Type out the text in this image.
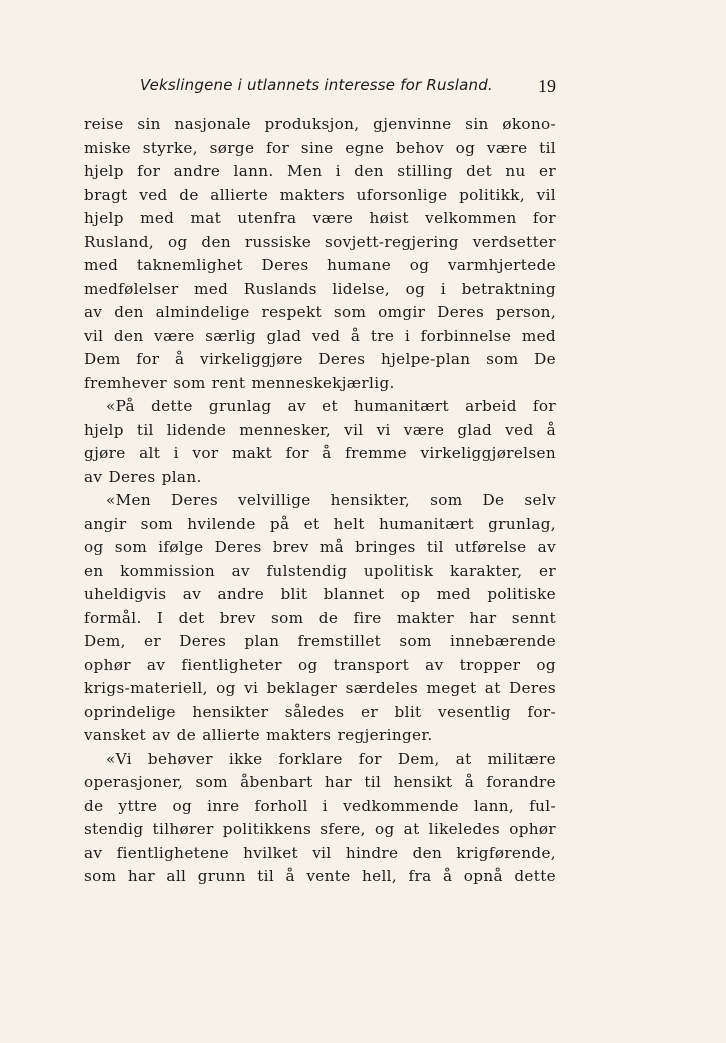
Vekslingene i utlannets interesse for Rusland.	19
reise sin nasjonale produksjon, gjenvinne sin økono-
miske styrke, sørge for sine egne behov og være til
hjelp for andre lann. Men i den stilling det nu er
bragt ved de allierte makters uforsonlige politikk, vil
hjelp med mat utenfra være høist velkommen for
Rusland, og den russiske sovjett-regjering verdsetter
med taknemlighet Deres humane og varmhjertede
medfølelser med Ruslands lidelse, og i betraktning
av den almindelige respekt som omgir Deres person,
vil den være særlig glad ved å tre i forbinnelse med
Dem for å virkeliggjøre Deres hjelpe-plan som De
fremhever som rent menneskekjærlig.
«På dette grunlag av et humanitært arbeid for
hjelp til lidende mennesker, vil vi være glad ved å
gjøre alt i vor makt for å fremme virkeliggjørelsen
av Deres plan.
«Men Deres velvillige hensikter, som De selv
angir som hvilende på et helt humanitært grunlag,
og som ifølge Deres brev må bringes til utførelse av
en kommission av fulstendig upolitisk karakter, er
uheldigvis av andre blit blannet op med politiske
formål. I det brev som de fire makter har sennt
Dem, er Deres plan fremstillet som innebærende
ophør av fientligheter og transport av tropper og
krigs-materiell, og vi beklager særdeles meget at Deres
oprindelige hensikter således er blit vesentlig for-
vansket av de allierte makters regjeringer.
«Vi behøver ikke forklare for Dem, at militære
operasjoner, som åbenbart har til hensikt å forandre
de yttre og inre forholl i vedkommende lann, ful-
stendig tilhører politikkens sfere, og at likeledes ophør
av fientlighetene hvilket vil hindre den krigførende,
som har all grunn til å vente hell, fra å opnå dette
